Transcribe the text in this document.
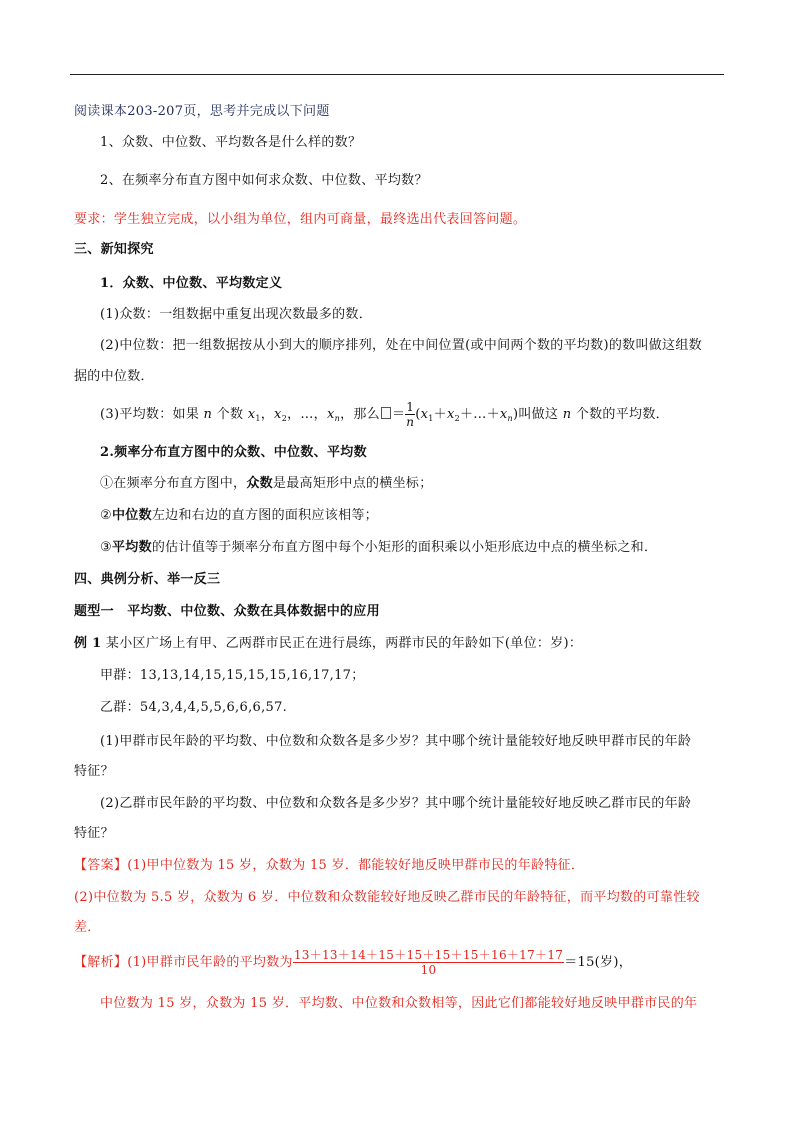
阅读课本203-207页，思考并完成以下问题
1、众数、中位数、平均数各是什么样的数？
2、在频率分布直方图中如何求众数、中位数、平均数？
要求：学生独立完成，以小组为单位，组内可商量，最终选出代表回答问题。
三、新知探究
1．众数、中位数、平均数定义
(1)众数：一组数据中重复出现次数最多的数．
(2)中位数：把一组数据按从小到大的顺序排列，处在中间位置(或中间两个数的平均数)的数叫做这组数
据的中位数．
(3)平均数：如果 n 个数 $x_1$，$x_2$，…，$x_n$，那么 ＝ $\frac{1}{n}$ $(x_1+x_2+\dots+x_n)$叫做这 n 个数的平均数．
2.频率分布直方图中的众数、中位数、平均数
①在频率分布直方图中，众数是最高矩形中点的横坐标；
②中位数左边和右边的直方图的面积应该相等；
③平均数的估计值等于频率分布直方图中每个小矩形的面积乘以小矩形底边中点的横坐标之和．
四、典例分析、举一反三
题型一　平均数、中位数、众数在具体数据中的应用
例 1 某小区广场上有甲、乙两群市民正在进行晨练，两群市民的年龄如下(单位：岁)：
甲群：13,13,14,15,15,15,15,16,17,17；
乙群：54,3,4,4,5,5,6,6,6,57.
(1)甲群市民年龄的平均数、中位数和众数各是多少岁？其中哪个统计量能较好地反映甲群市民的年龄
特征？
(2)乙群市民年龄的平均数、中位数和众数各是多少岁？其中哪个统计量能较好地反映乙群市民的年龄
特征？
【答案】(1)甲中位数为 15 岁，众数为 15 岁．都能较好地反映甲群市民的年龄特征．
(2)中位数为 5.5 岁，众数为 6 岁．中位数和众数能较好地反映乙群市民的年龄特征，而平均数的可靠性较
差．
【解析】(1)甲群市民年龄的平均数为 $\frac{13+13+14+15+15+15+15+16+17+17}{10} =15$(岁)，
中位数为 15 岁，众数为 15 岁．平均数、中位数和众数相等，因此它们都能较好地反映甲群市民的年
